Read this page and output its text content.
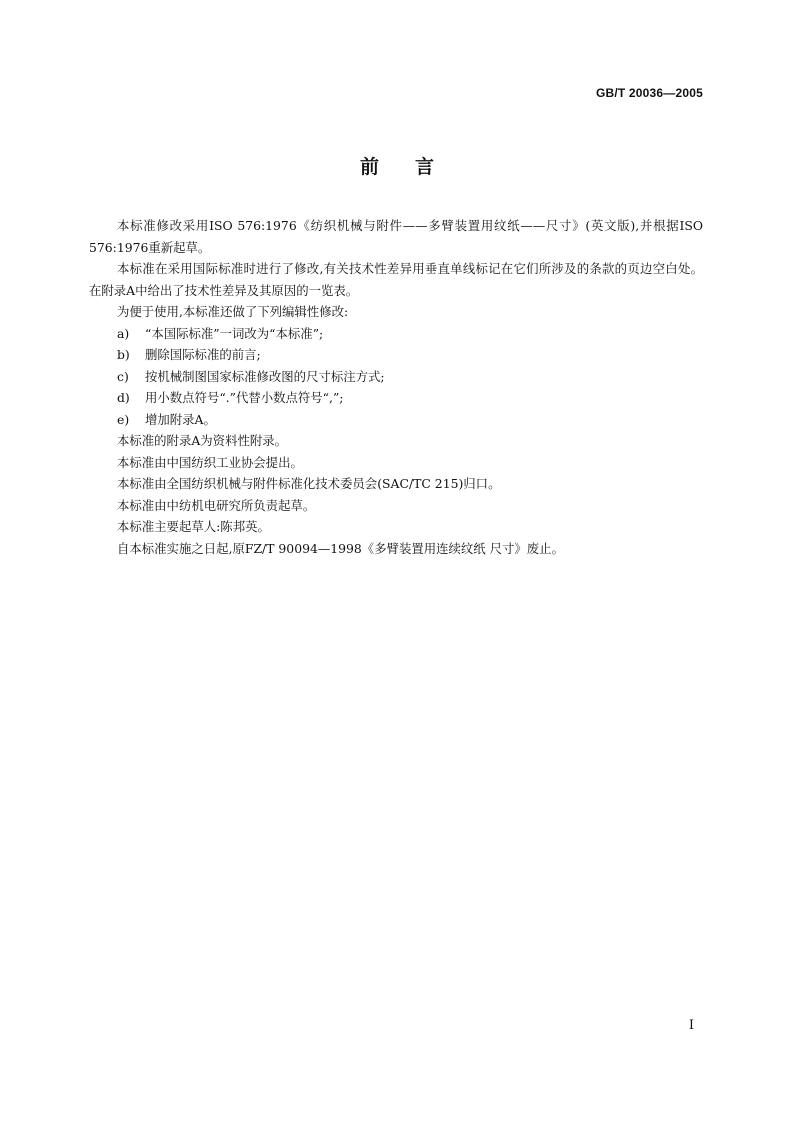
GB/T 20036—2005
前言

本标准修改采用ISO 576:1976《纺织机械与附件——多臂装置用纹纸——尺寸》(英文版),并根据ISO 576:1976重新起草。

本标准在采用国际标准时进行了修改,有关技术性差异用垂直单线标记在它们所涉及的条款的页边空白处。在附录A中给出了技术性差异及其原因的一览表。

为便于使用,本标准还做了下列编辑性修改:

a)	“本国际标准”一词改为“本标准”;
b)	删除国际标准的前言;
c)	按机械制图国家标准修改图的尺寸标注方式;
d)	用小数点符号“.”代替小数点符号“,”;
e)	增加附录A。

本标准的附录A为资料性附录。

本标准由中国纺织工业协会提出。

本标准由全国纺织机械与附件标准化技术委员会(SAC/TC 215)归口。

本标准由中纺机电研究所负责起草。

本标准主要起草人:陈邦英。

自本标准实施之日起,原FZ/T 90094—1998《多臂装置用连续纹纸 尺寸》废止。

I
